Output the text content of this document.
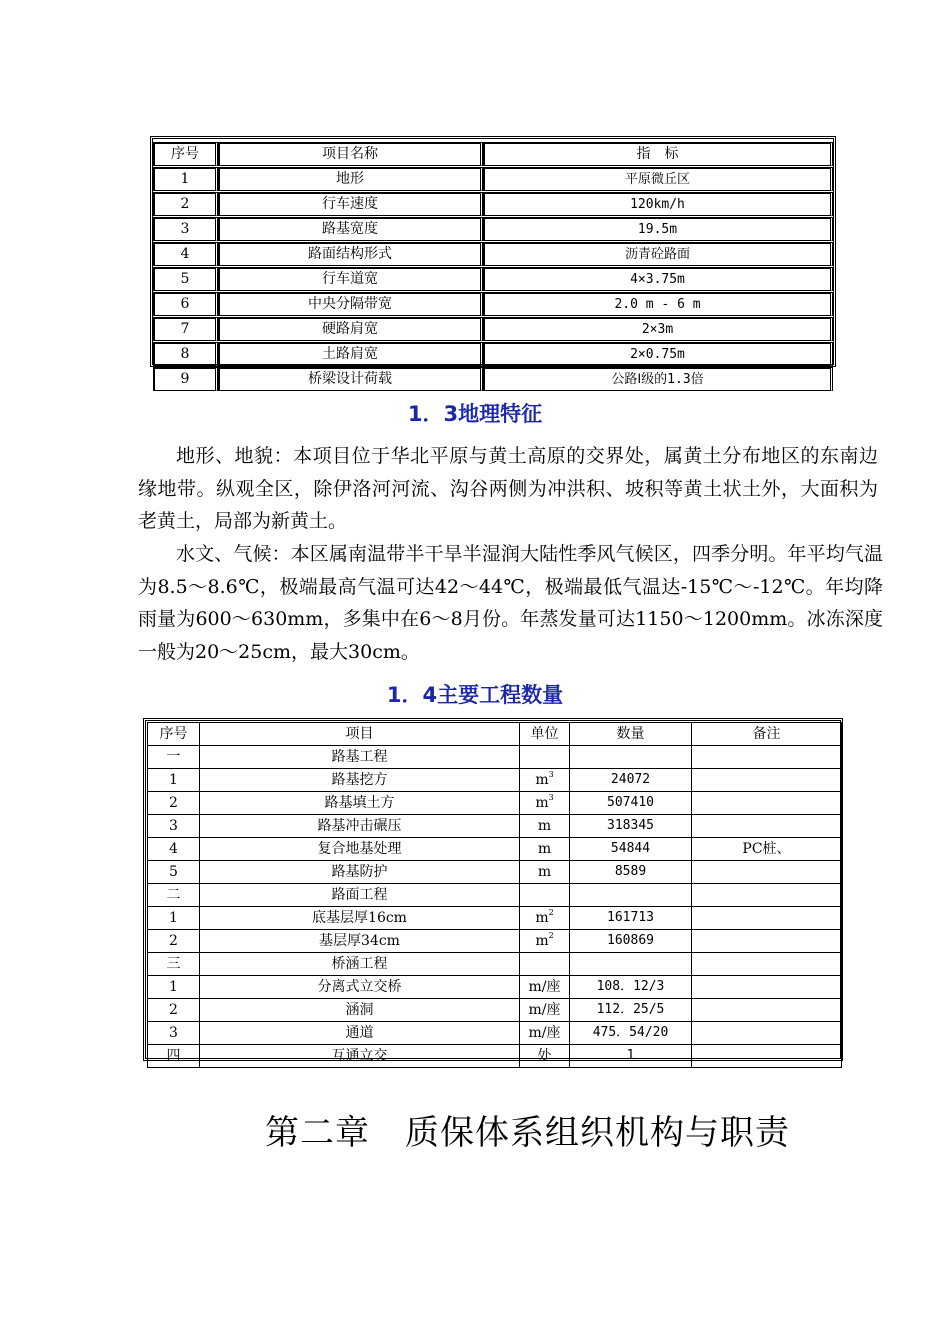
序号	项目名称	指　标
1	地形	平原微丘区
2	行车速度	120km/h
3	路基宽度	19.5m
4	路面结构形式	沥青砼路面
5	行车道宽	4×3.75m
6	中央分隔带宽	2.0 m - 6 m
7	硬路肩宽	2×3m
8	土路肩宽	2×0.75m
9	桥梁设计荷载	公路Ⅰ级的1.3倍
1．3地理特征

地形、地貌：本项目位于华北平原与黄土高原的交界处，属黄土分布地区的东南边缘地带。纵观全区，除伊洛河河流、沟谷两侧为冲洪积、坡积等黄土状土外，大面积为老黄土，局部为新黄土。

水文、气候：本区属南温带半干旱半湿润大陆性季风气候区，四季分明。年平均气温为8.5～8.6℃，极端最高气温可达42～44℃，极端最低气温达-15℃～-12℃。年均降雨量为600～630mm，多集中在6～8月份。年蒸发量可达1150～1200mm。冰冻深度一般为20～25cm，最大30cm。

1．4主要工程数量
序号	项目	单位	数量	备注
一	路基工程			
1	路基挖方	$m^3$	24072	
2	路基填土方	$m^3$	507410	
3	路基冲击碾压	m	318345	
4	复合地基处理	m	54844	PC桩、
5	路基防护	m	8589	
二	路面工程			
1	底基层厚16cm	$m^2$	161713	
2	基层厚34cm	$m^2$	160869	
三	桥涵工程			
1	分离式立交桥	m/座	108．12/3	
2	涵洞	m/座	112．25/5	
3	通道	m/座	475．54/20	
四	互通立交	处	1	
第二章　质保体系组织机构与职责
